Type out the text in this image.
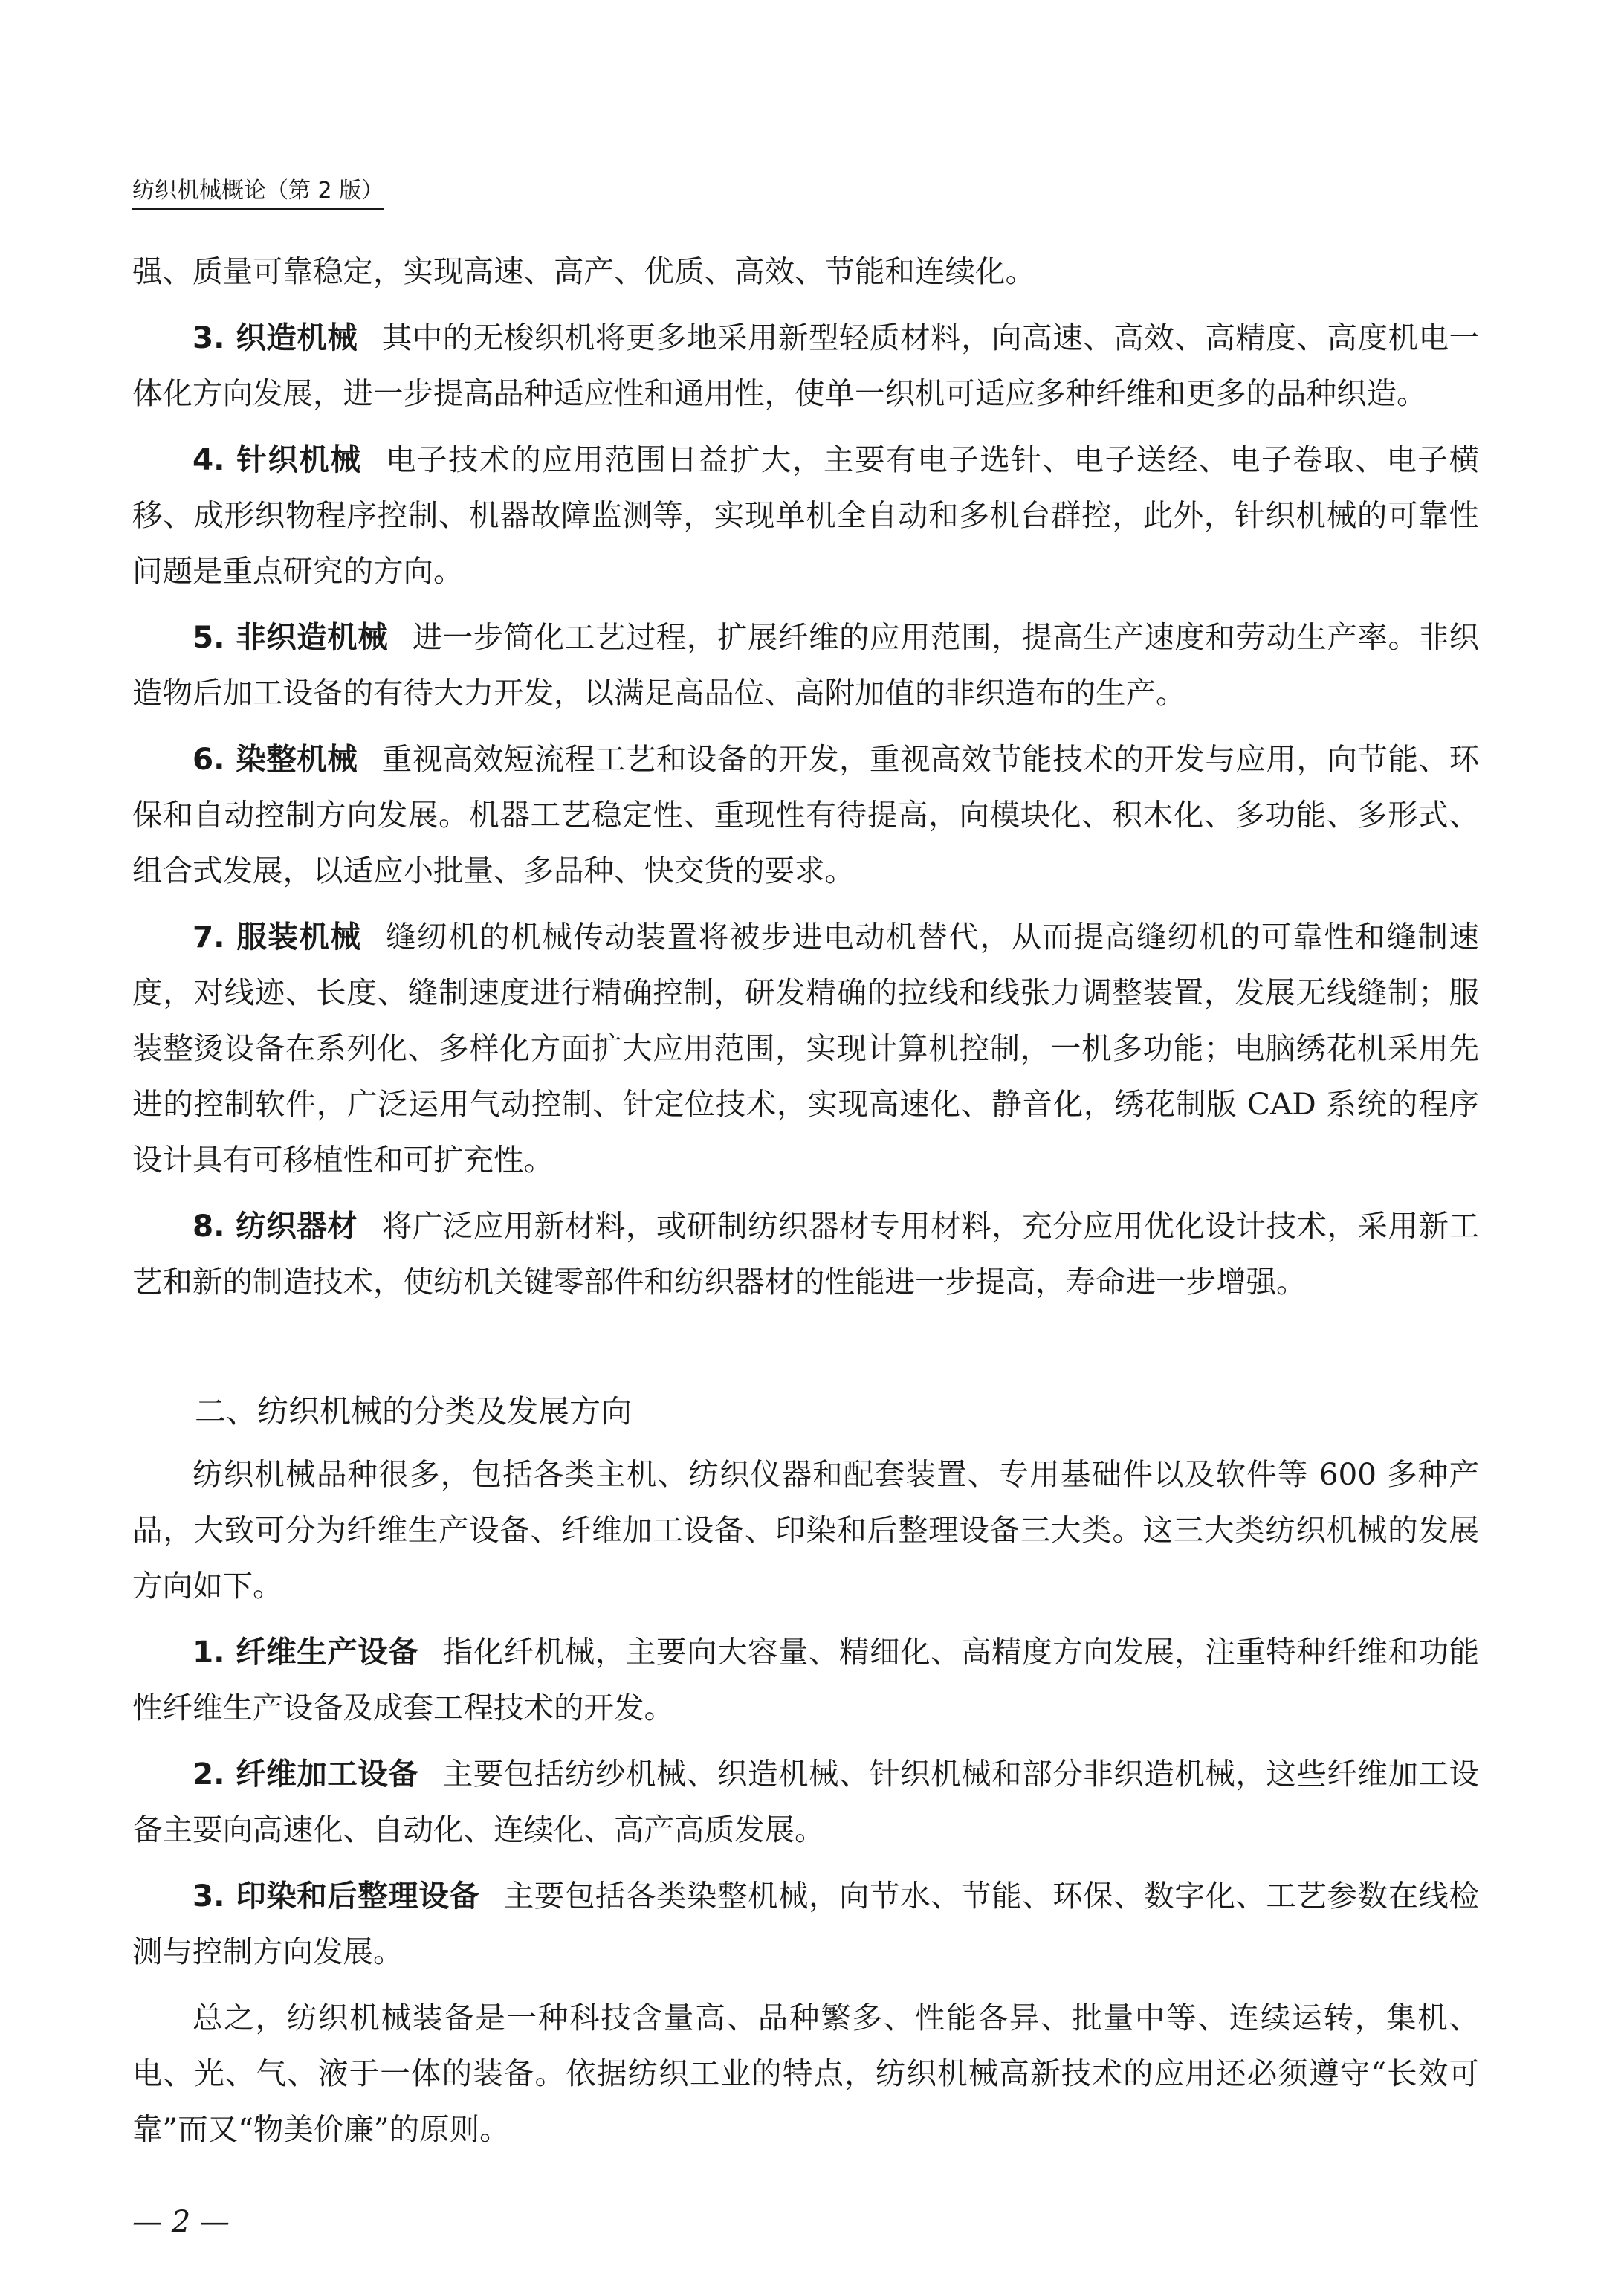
纺织机械概论（第 2 版）

强、质量可靠稳定，实现高速、高产、优质、高效、节能和连续化。

3. 织造机械 其中的无梭织机将更多地采用新型轻质材料，向高速、高效、高精度、高度机电一体化方向发展，进一步提高品种适应性和通用性，使单一织机可适应多种纤维和更多的品种织造。

4. 针织机械 电子技术的应用范围日益扩大，主要有电子选针、电子送经、电子卷取、电子横移、成形织物程序控制、机器故障监测等，实现单机全自动和多机台群控，此外，针织机械的可靠性问题是重点研究的方向。

5. 非织造机械 进一步简化工艺过程，扩展纤维的应用范围，提高生产速度和劳动生产率。非织造物后加工设备的有待大力开发，以满足高品位、高附加值的非织造布的生产。

6. 染整机械 重视高效短流程工艺和设备的开发，重视高效节能技术的开发与应用，向节能、环保和自动控制方向发展。机器工艺稳定性、重现性有待提高，向模块化、积木化、多功能、多形式、组合式发展，以适应小批量、多品种、快交货的要求。

7. 服装机械 缝纫机的机械传动装置将被步进电动机替代，从而提高缝纫机的可靠性和缝制速度，对线迹、长度、缝制速度进行精确控制，研发精确的拉线和线张力调整装置，发展无线缝制；服装整烫设备在系列化、多样化方面扩大应用范围，实现计算机控制，一机多功能；电脑绣花机采用先进的控制软件，广泛运用气动控制、针定位技术，实现高速化、静音化，绣花制版 CAD 系统的程序设计具有可移植性和可扩充性。

8. 纺织器材 将广泛应用新材料，或研制纺织器材专用材料，充分应用优化设计技术，采用新工艺和新的制造技术，使纺机关键零部件和纺织器材的性能进一步提高，寿命进一步增强。

二、纺织机械的分类及发展方向

纺织机械品种很多，包括各类主机、纺织仪器和配套装置、专用基础件以及软件等 600 多种产品，大致可分为纤维生产设备、纤维加工设备、印染和后整理设备三大类。这三大类纺织机械的发展方向如下。

1. 纤维生产设备 指化纤机械，主要向大容量、精细化、高精度方向发展，注重特种纤维和功能性纤维生产设备及成套工程技术的开发。

2. 纤维加工设备 主要包括纺纱机械、织造机械、针织机械和部分非织造机械，这些纤维加工设备主要向高速化、自动化、连续化、高产高质发展。

3. 印染和后整理设备 主要包括各类染整机械，向节水、节能、环保、数字化、工艺参数在线检测与控制方向发展。

总之，纺织机械装备是一种科技含量高、品种繁多、性能各异、批量中等、连续运转，集机、电、光、气、液于一体的装备。依据纺织工业的特点，纺织机械高新技术的应用还必须遵守“长效可靠”而又“物美价廉”的原则。

— 2 —
